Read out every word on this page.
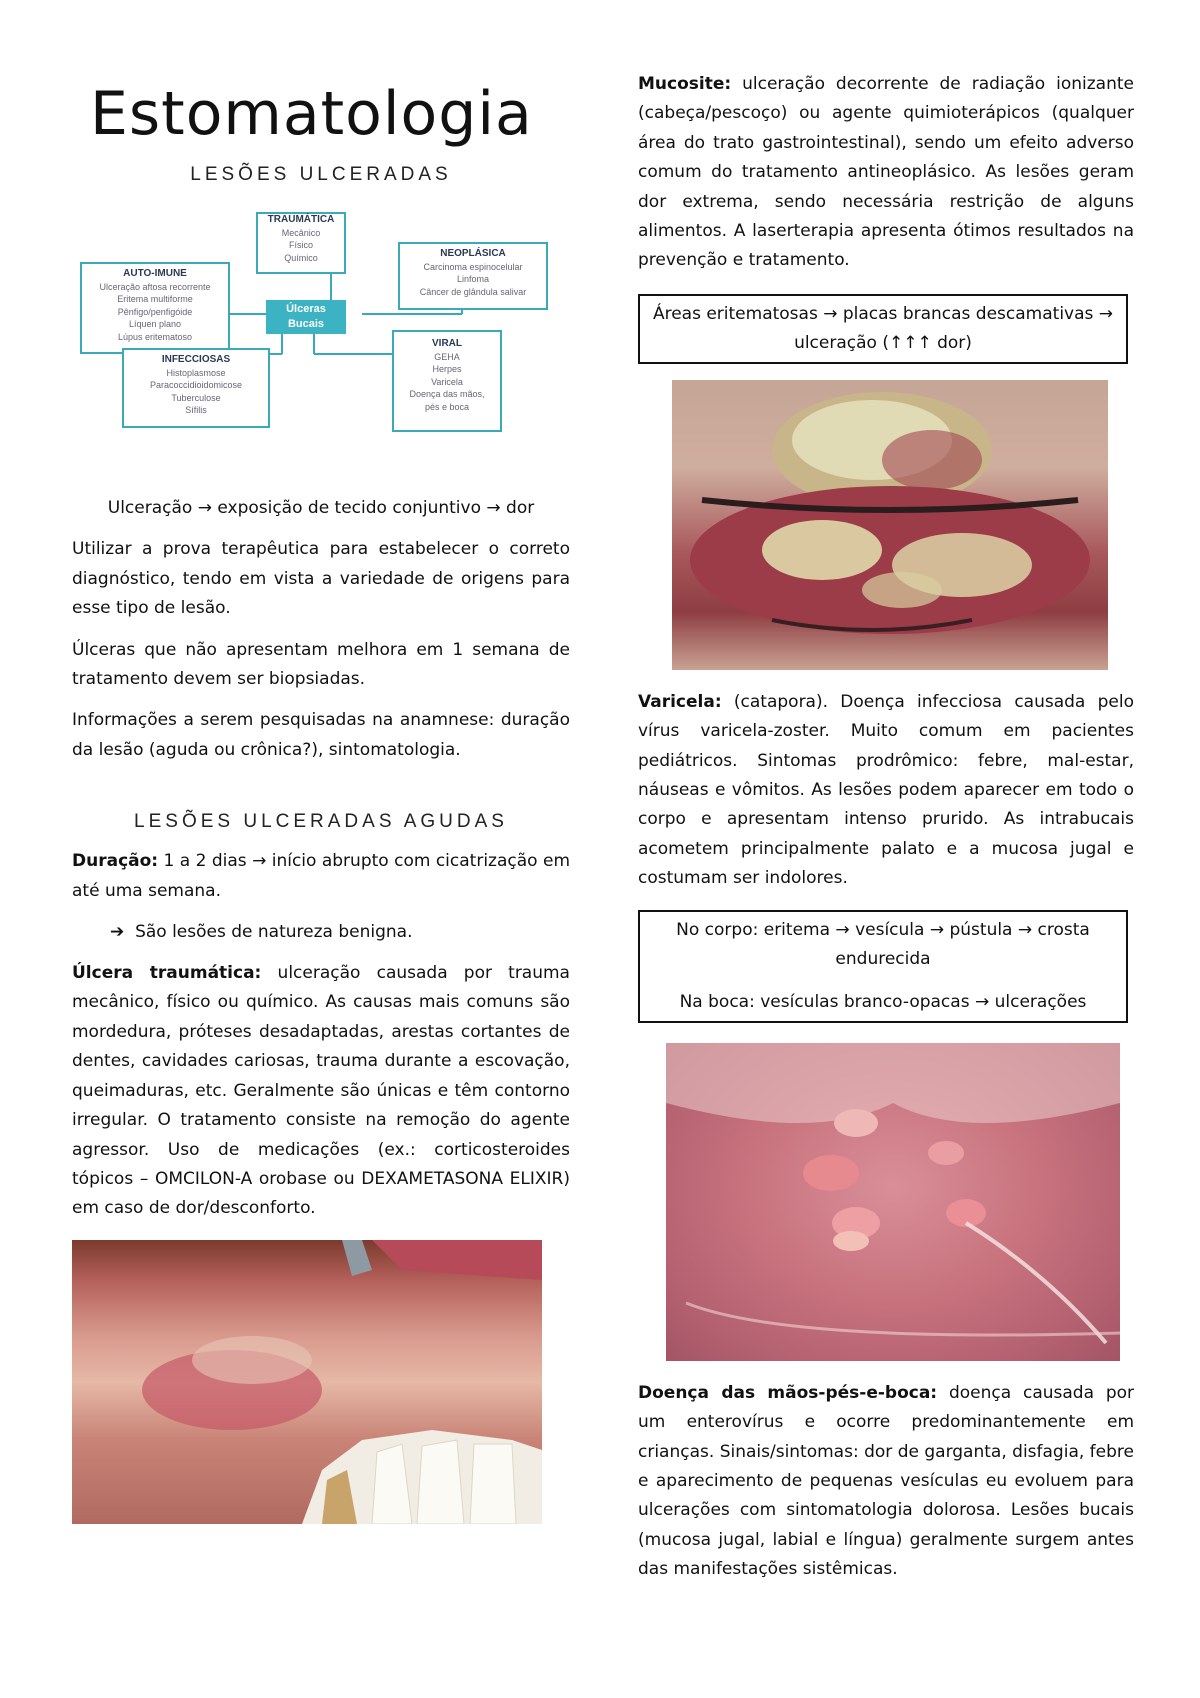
Estomatologia

LESÕES ULCERADAS

TRAUMÁTICA
Mecânico
Físico
Químico	NEOPLÁSICA
Carcinoma espinocelular
Linfoma
Câncer de glândula salivar
AUTO-IMUNE
Ulceração aftosa recorrente
Eritema multiforme
Pênfigo/penfigóide
Líquen plano
Lúpus eritematoso
Úlceras
Bucais
INFECCIOSAS
Histoplasmose
Paracoccidioidomicose
Tuberculose
Sífilis
VIRAL
GEHA
Herpes
Varicela
Doença das mãos,
pés e boca

Ulceração → exposição de tecido conjuntivo → dor

Utilizar a prova terapêutica para estabelecer o correto diagnóstico, tendo em vista a variedade de origens para esse tipo de lesão.

Úlceras que não apresentam melhora em 1 semana de tratamento devem ser biopsiadas.

Informações a serem pesquisadas na anamnese: duração da lesão (aguda ou crônica?), sintomatologia.

LESÕES ULCERADAS AGUDAS

Duração: 1 a 2 dias → início abrupto com cicatrização em até uma semana.

➔ São lesões de natureza benigna.

Úlcera traumática: ulceração causada por trauma mecânico, físico ou químico. As causas mais comuns são mordedura, próteses desadaptadas, arestas cortantes de dentes, cavidades cariosas, trauma durante a escovação, queimaduras, etc. Geralmente são únicas e têm contorno irregular. O tratamento consiste na remoção do agente agressor. Uso de medicações (ex.: corticosteroides tópicos – OMCILON-A orobase ou DEXAMETASONA ELIXIR) em caso de dor/desconforto.

Mucosite: ulceração decorrente de radiação ionizante (cabeça/pescoço) ou agente quimioterápicos (qualquer área do trato gastrointestinal), sendo um efeito adverso comum do tratamento antineoplásico. As lesões geram dor extrema, sendo necessária restrição de alguns alimentos. A laserterapia apresenta ótimos resultados na prevenção e tratamento.

Áreas eritematosas → placas brancas descamativas →
ulceração (↑↑↑ dor)

Varicela: (catapora). Doença infecciosa causada pelo vírus varicela-zoster. Muito comum em pacientes pediátricos. Sintomas prodrômico: febre, mal-estar, náuseas e vômitos. As lesões podem aparecer em todo o corpo e apresentam intenso prurido. As intrabucais acometem principalmente palato e a mucosa jugal e costumam ser indolores.

No corpo: eritema → vesícula → pústula → crosta endurecida
Na boca: vesículas branco-opacas → ulcerações

Doença das mãos-pés-e-boca: doença causada por um enterovírus e ocorre predominantemente em crianças. Sinais/sintomas: dor de garganta, disfagia, febre e aparecimento de pequenas vesículas eu evoluem para ulcerações com sintomatologia dolorosa. Lesões bucais (mucosa jugal, labial e língua) geralmente surgem antes das manifestações sistêmicas.
